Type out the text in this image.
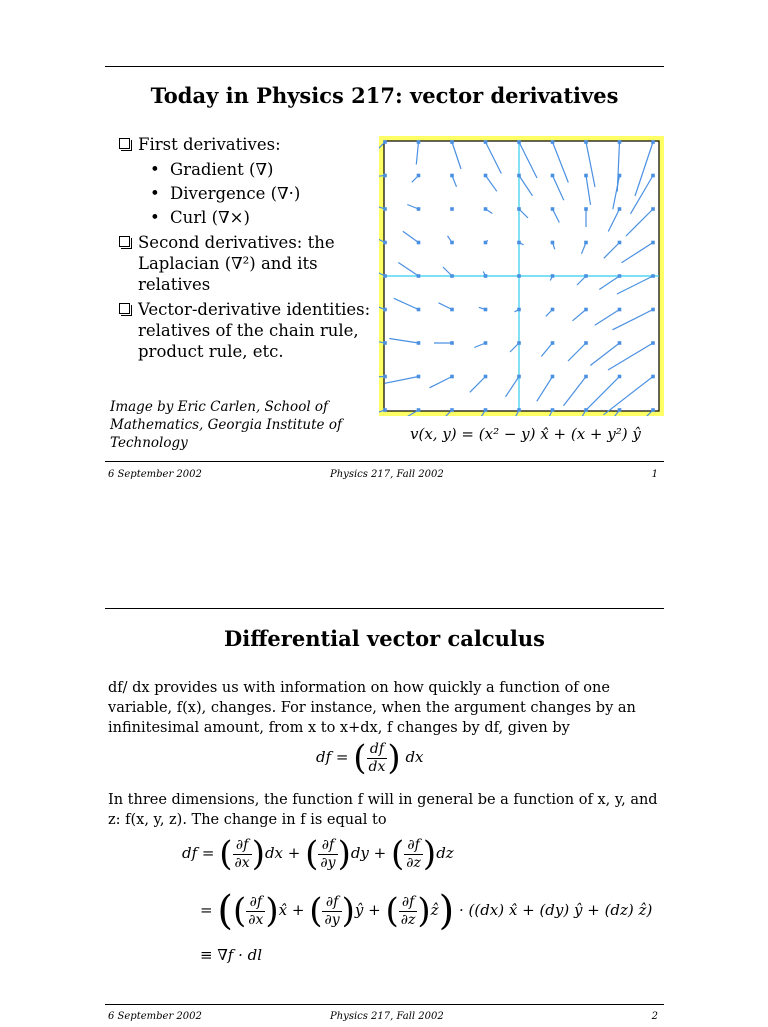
Today in Physics 217: vector derivatives
First derivatives:
• Gradient (∇)
• Divergence (∇·)
• Curl (∇×)
Second derivatives: the Laplacian (∇²) and its relatives
Vector-derivative identities: relatives of the chain rule, product rule, etc.
Image by Eric Carlen, School of Mathematics, Georgia Institute of Technology	v(x, y) = (x² − y) x̂ + (x + y²) ŷ
6 September 2002	Physics 217, Fall 2002	1
Differential vector calculus
df/ dx provides us with information on how quickly a function of one variable, f(x), changes. For instance, when the argument changes by an infinitesimal amount, from x to x+dx, f changes by df, given by
df = ( $\frac{df}{dx}$ ) dx
In three dimensions, the function f will in general be a function of x, y, and z: f(x, y, z). The change in f is equal to
df = ( $\frac{\partial f}{\partial x} )dx$ + ( $\frac{\partial f}{\partial y} )dy$ + ( $\frac{\partial f}{\partial z} )dz$
= (( $\frac{\partial f}{\partial x}$ )x̂ + ( $\frac{\partial f}{\partial y}$ )ŷ + ( $\frac{\partial f}{\partial z}$ )ẑ) · ((dx) x̂ + (dy) ŷ + (dz) ẑ)
≡ ∇f · dl
6 September 2002	Physics 217, Fall 2002	2
